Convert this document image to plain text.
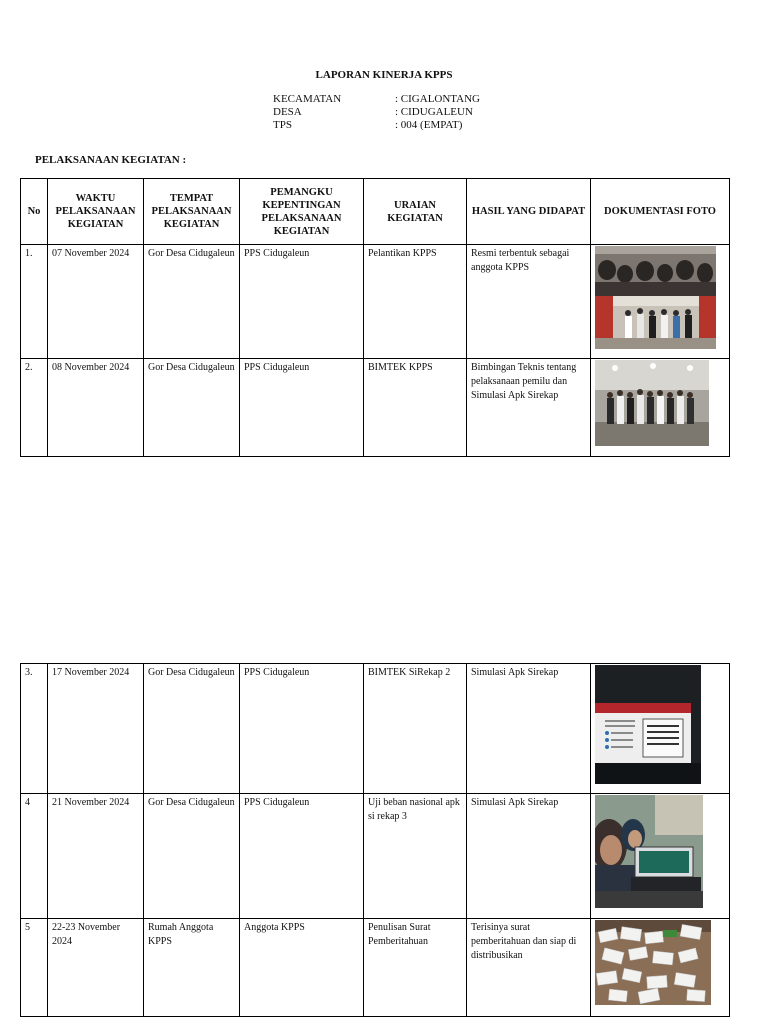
LAPORAN KINERJA KPPS
KECAMATAN	: CIGALONTANG
DESA	: CIDUGALEUN
TPS	: 004 (EMPAT)
PELAKSANAAN KEGIATAN :
No	WAKTU PELAKSANAAN KEGIATAN	TEMPAT PELAKSANAAN KEGIATAN	PEMANGKU KEPENTINGAN PELAKSANAAN KEGIATAN	URAIAN KEGIATAN	HASIL YANG DIDAPAT	DOKUMENTASI FOTO
1.	07 November 2024	Gor Desa Cidugaleun	PPS Cidugaleun	Pelantikan KPPS	Resmi terbentuk sebagai anggota KPPS	

2.	08 November 2024	Gor Desa Cidugaleun	PPS Cidugaleun	BIMTEK KPPS	Bimbingan Teknis tentang pelaksanaan pemilu dan Simulasi Apk Sirekap	
3.	17 November 2024	Gor Desa Cidugaleun	PPS Cidugaleun	BIMTEK SiRekap 2	Simulasi Apk Sirekap	

4	21 November 2024	Gor Desa Cidugaleun	PPS Cidugaleun	Uji beban nasional apk si rekap 3	Simulasi Apk Sirekap	

5	22-23 November 2024	Rumah Anggota KPPS	Anggota KPPS	Penulisan Surat Pemberitahuan	Terisinya surat pemberitahuan dan siap di distribusikan	
